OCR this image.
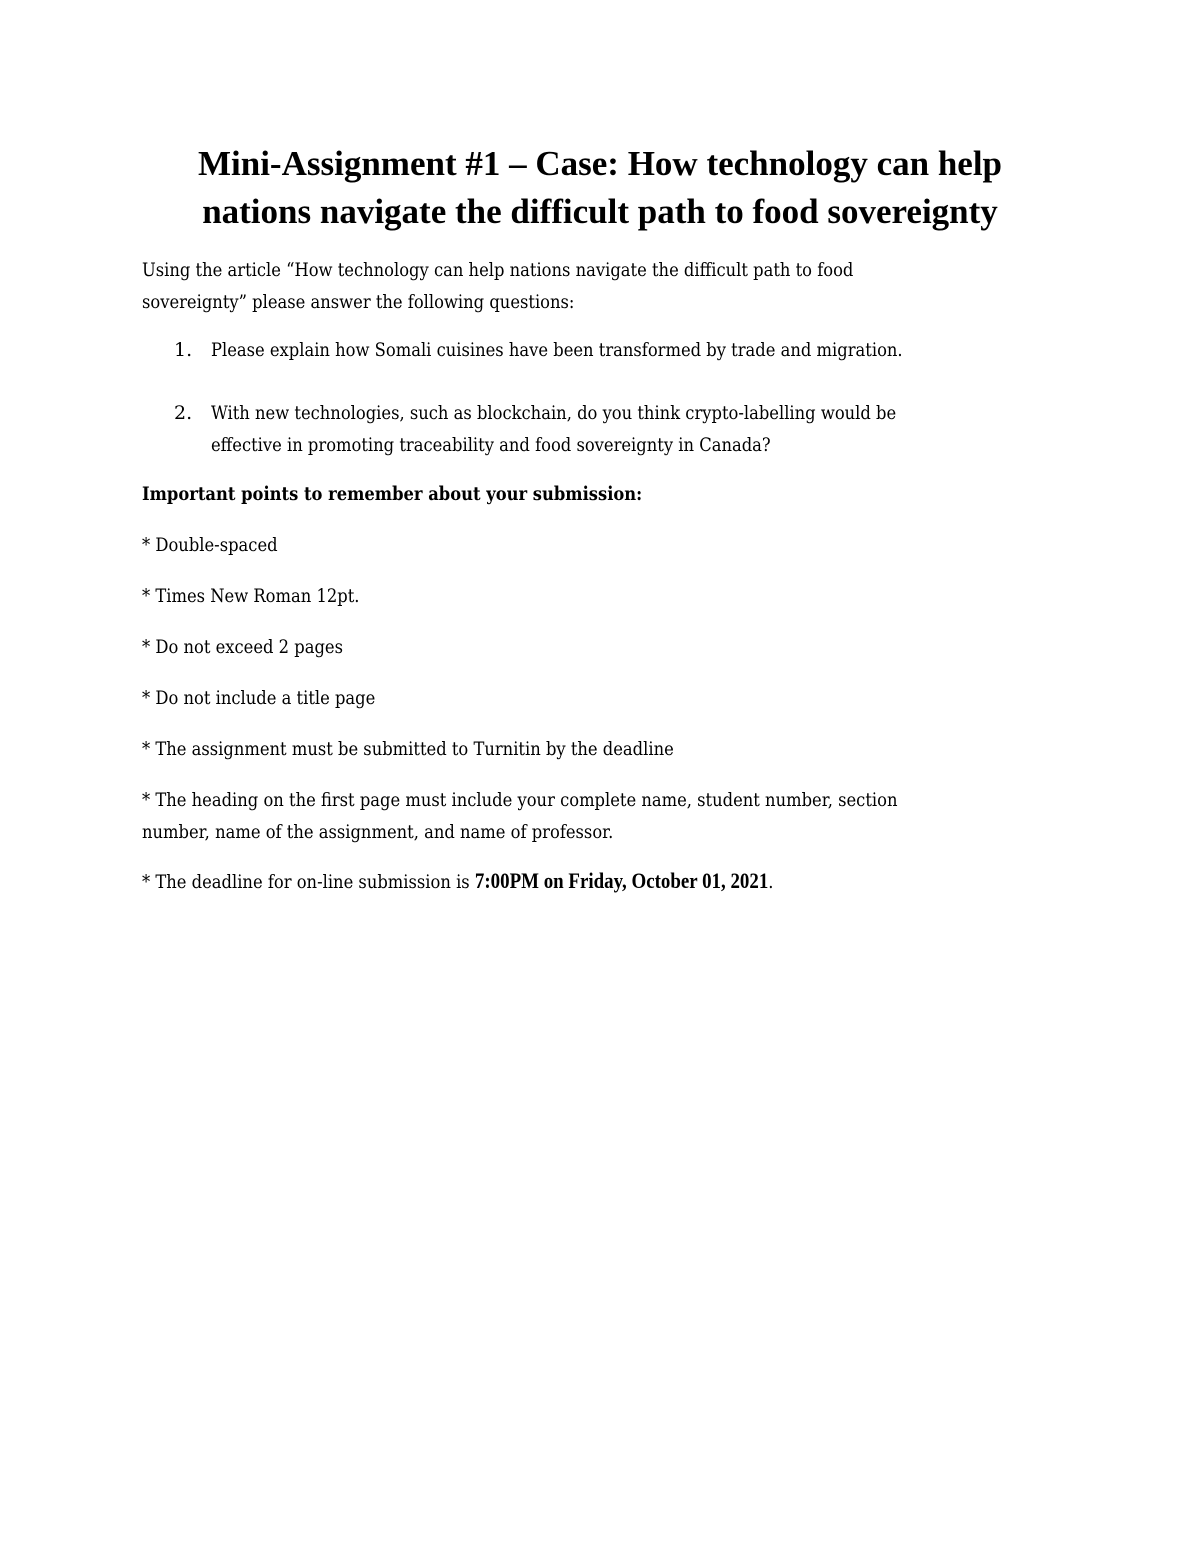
Mini-Assignment #1 – Case: How technology can help
nations navigate the difficult path to food sovereignty
Using the article “How technology can help nations navigate the difficult path to food
sovereignty” please answer the following questions:
1. Please explain how Somali cuisines have been transformed by trade and migration.
2. With new technologies, such as blockchain, do you think crypto-labelling would be
effective in promoting traceability and food sovereignty in Canada?
Important points to remember about your submission:
* Double-spaced
* Times New Roman 12pt.
* Do not exceed 2 pages
* Do not include a title page
* The assignment must be submitted to Turnitin by the deadline
* The heading on the first page must include your complete name, student number, section
number, name of the assignment, and name of professor.
* The deadline for on-line submission is 7:00PM on Friday, October 01, 2021.
